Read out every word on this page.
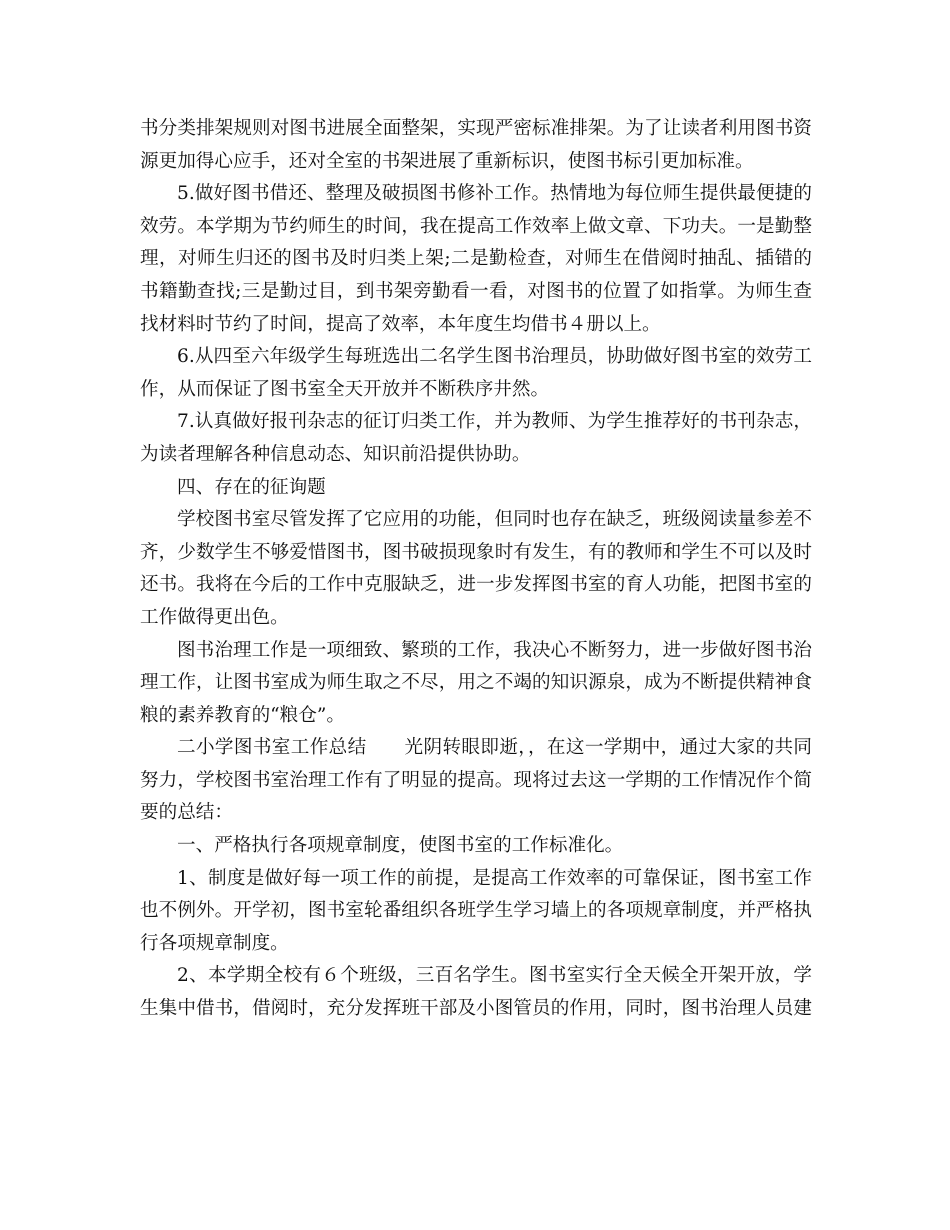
书分类排架规则对图书进展全面整架，实现严密标准排架。为了让读者利用图书资
源更加得心应手，还对全室的书架进展了重新标识，使图书标引更加标准。
5.做好图书借还、整理及破损图书修补工作。热情地为每位师生提供最便捷的
效劳。本学期为节约师生的时间，我在提高工作效率上做文章、下功夫。一是勤整
理，对师生归还的图书及时归类上架;二是勤检查，对师生在借阅时抽乱、插错的
书籍勤查找;三是勤过目，到书架旁勤看一看，对图书的位置了如指掌。为师生查
找材料时节约了时间，提高了效率，本年度生均借书４册以上。
6.从四至六年级学生每班选出二名学生图书治理员，协助做好图书室的效劳工
作，从而保证了图书室全天开放并不断秩序井然。
7.认真做好报刊杂志的征订归类工作，并为教师、为学生推荐好的书刊杂志，
为读者理解各种信息动态、知识前沿提供协助。
四、存在的征询题
学校图书室尽管发挥了它应用的功能，但同时也存在缺乏，班级阅读量参差不
齐，少数学生不够爱惜图书，图书破损现象时有发生，有的教师和学生不可以及时
还书。我将在今后的工作中克服缺乏，进一步发挥图书室的育人功能，把图书室的
工作做得更出色。
图书治理工作是一项细致、繁琐的工作，我决心不断努力，进一步做好图书治
理工作，让图书室成为师生取之不尽，用之不竭的知识源泉，成为不断提供精神食
粮的素养教育的“粮仓”。
二小学图书室工作总结　　光阴转眼即逝，，在这一学期中，通过大家的共同
努力，学校图书室治理工作有了明显的提高。现将过去这一学期的工作情况作个简
要的总结：
一、严格执行各项规章制度，使图书室的工作标准化。
1、制度是做好每一项工作的前提，是提高工作效率的可靠保证，图书室工作
也不例外。开学初，图书室轮番组织各班学生学习墙上的各项规章制度，并严格执
行各项规章制度。
2、本学期全校有６个班级，三百名学生。图书室实行全天候全开架开放，学
生集中借书，借阅时，充分发挥班干部及小图管员的作用，同时，图书治理人员建
